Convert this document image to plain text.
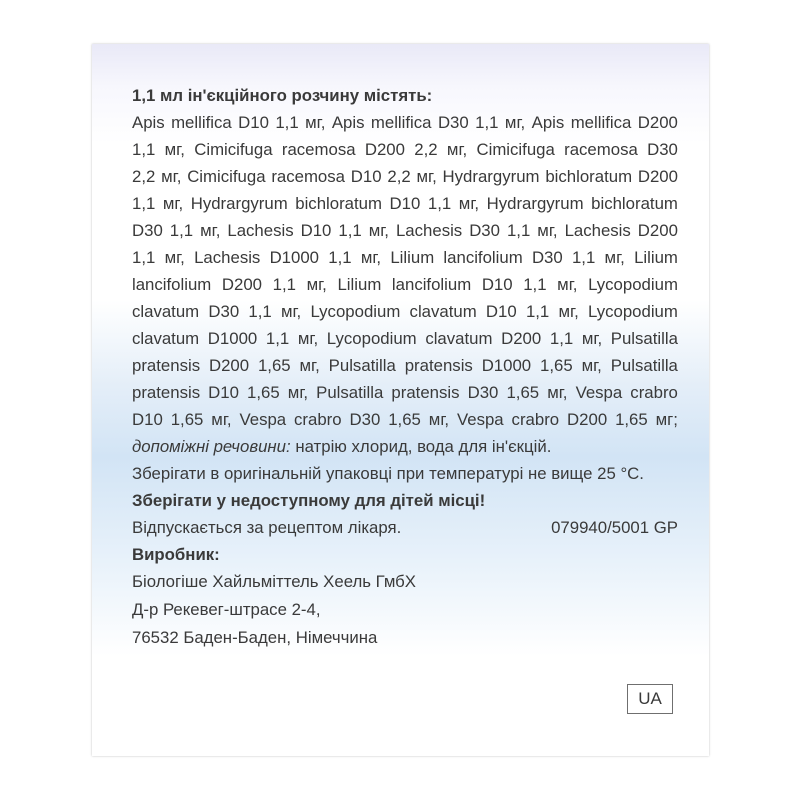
1,1 мл ін'єкційного розчину містять:
Apis mellifica D10 1,1 мг, Apis mellifica D30 1,1 мг, Apis mellifica D200
1,1 мг, Cimicifuga racemosa D200 2,2 мг, Cimicifuga racemosa D30
2,2 мг, Cimicifuga racemosa D10 2,2 мг, Hydrargyrum bichloratum D200
1,1 мг, Hydrargyrum bichloratum D10 1,1 мг, Hydrargyrum bichloratum
D30 1,1 мг, Lachesis D10 1,1 мг, Lachesis D30 1,1 мг, Lachesis D200
1,1 мг, Lachesis D1000 1,1 мг, Lilium lancifolium D30 1,1 мг, Lilium
lancifolium D200 1,1 мг, Lilium lancifolium D10 1,1 мг, Lycopodium
clavatum D30 1,1 мг, Lycopodium clavatum D10 1,1 мг, Lycopodium
clavatum D1000 1,1 мг, Lycopodium clavatum D200 1,1 мг, Pulsatilla
pratensis D200 1,65 мг, Pulsatilla pratensis D1000 1,65 мг, Pulsatilla
pratensis D10 1,65 мг, Pulsatilla pratensis D30 1,65 мг, Vespa crabro
D10 1,65 мг, Vespa crabro D30 1,65 мг, Vespa crabro D200 1,65 мг;
допоміжні речовини: натрію хлорид, вода для ін'єкцій.
Зберігати в оригінальній упаковці при температурі не вище 25 °C.
Зберігати у недоступному для дітей місці!
Відпускається за рецептом лікаря.	079940/5001 GP
Виробник:
Біологіше Хайльміттель Хеель ГмбХ
Д-р Рекевег-штрасе 2-4,
76532 Баден-Баден, Німеччина
UA
